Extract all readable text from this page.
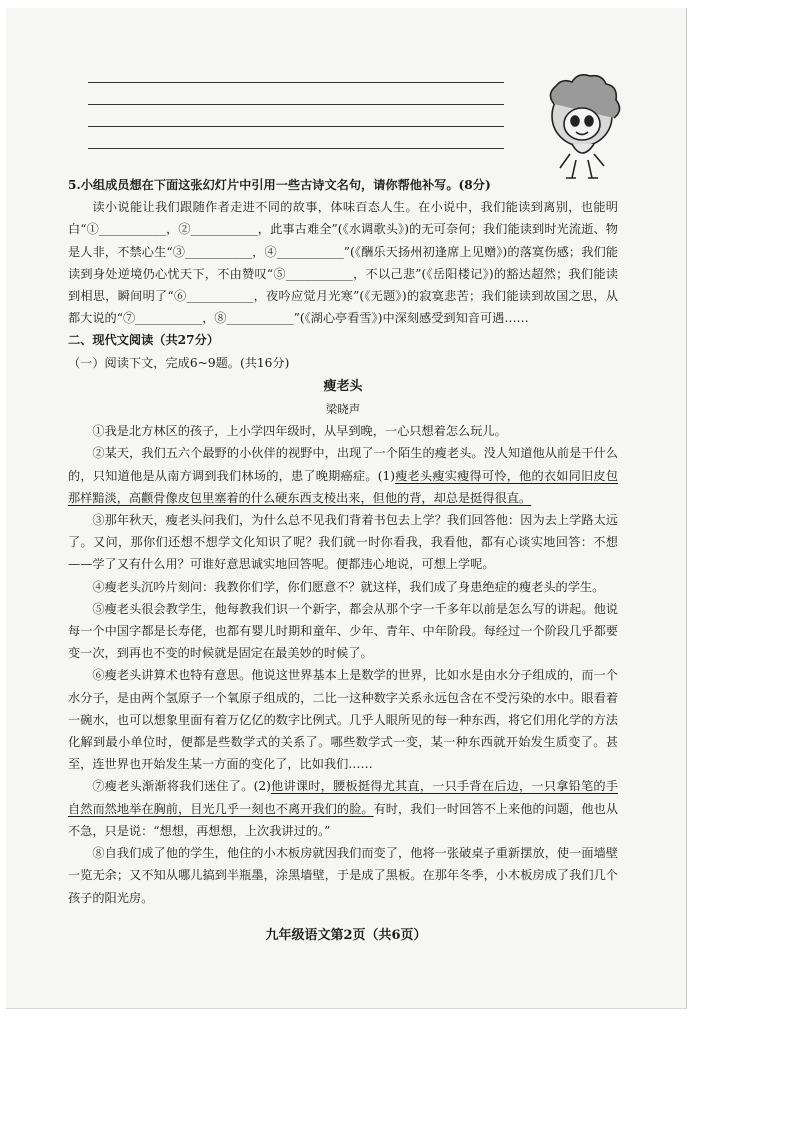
5.小组成员想在下面这张幻灯片中引用一些古诗文名句，请你帮他补写。(8分)

读小说能让我们跟随作者走进不同的故事，体味百态人生。在小说中，我们能读到离别，也能明白“①___________，②___________，此事古难全”(《水调歌头》)的无可奈何；我们能读到时光流逝、物是人非，不禁心生“③___________，④___________”(《酬乐天扬州初逢席上见赠》)的落寞伤感；我们能读到身处逆境仍心忧天下，不由赞叹“⑤___________，不以己悲”(《岳阳楼记》)的豁达超然；我们能读到相思，瞬间明了“⑥___________，夜吟应觉月光寒”(《无题》)的寂寞悲苦；我们能读到故国之思，从都大说的“⑦___________，⑧___________”(《湖心亭看雪》)中深刻感受到知音可遇……

二、现代文阅读（共27分）

（一）阅读下文，完成6~9题。(共16分)

瘦老头

梁晓声

①我是北方林区的孩子，上小学四年级时，从早到晚，一心只想着怎么玩儿。

②某天，我们五六个最野的小伙伴的视野中，出现了一个陌生的瘦老头。没人知道他从前是干什么的，只知道他是从南方调到我们林场的，患了晚期癌症。(1)瘦老头瘦实瘦得可怜，他的衣如同旧皮包那样黯淡，高颧骨像皮包里塞着的什么硬东西支棱出来，但他的背，却总是挺得很直。

③那年秋天，瘦老头问我们，为什么总不见我们背着书包去上学？我们回答他：因为去上学路太远了。又问，那你们还想不想学文化知识了呢？我们就一时你看我，我看他，都有心谈实地回答：不想——学了又有什么用？可谁好意思诚实地回答呢。便都违心地说，可想上学呢。

④瘦老头沉吟片刻问：我教你们学，你们愿意不？就这样，我们成了身患绝症的瘦老头的学生。

⑤瘦老头很会教学生，他每教我们识一个新字，都会从那个字一千多年以前是怎么写的讲起。他说每一个中国字都是长寿佬，也都有婴儿时期和童年、少年、青年、中年阶段。每经过一个阶段几乎都要变一次，到再也不变的时候就是固定在最美妙的时候了。

⑥瘦老头讲算术也特有意思。他说这世界基本上是数学的世界，比如水是由水分子组成的，而一个水分子，是由两个氢原子一个氧原子组成的，二比一这种数字关系永远包含在不受污染的水中。眼看着一碗水，也可以想象里面有着万亿亿的数字比例式。几乎人眼所见的每一种东西，将它们用化学的方法化解到最小单位时，便都是些数学式的关系了。哪些数学式一变，某一种东西就开始发生质变了。甚至，连世界也开始发生某一方面的变化了，比如我们……

⑦瘦老头渐渐将我们迷住了。(2)他讲课时，腰板挺得尤其直，一只手背在后边，一只拿铅笔的手自然而然地举在胸前，目光几乎一刻也不离开我们的脸。有时，我们一时回答不上来他的问题，他也从不急，只是说：“想想，再想想，上次我讲过的。”

⑧自我们成了他的学生，他住的小木板房就因我们而变了，他将一张破桌子重新摆放，使一面墙壁一览无余；又不知从哪儿搞到半瓶墨，涂黑墙壁，于是成了黑板。在那年冬季，小木板房成了我们几个孩子的阳光房。

九年级语文第2页（共6页）
